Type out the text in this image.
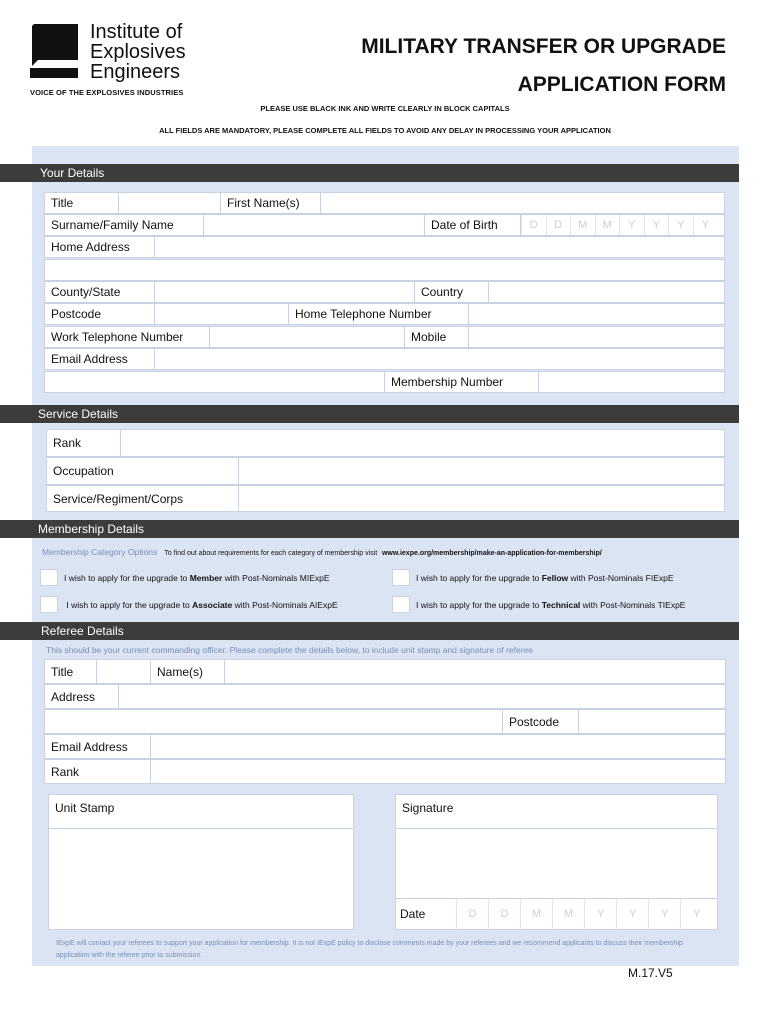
Institute of
Explosives
Engineers
VOICE OF THE EXPLOSIVES INDUSTRIES
MILITARY TRANSFER OR UPGRADE
APPLICATION FORM
PLEASE USE BLACK INK AND WRITE CLEARLY IN BLOCK CAPITALS
ALL FIELDS ARE MANDATORY, PLEASE COMPLETE ALL FIELDS TO AVOID ANY DELAY IN PROCESSING YOUR APPLICATION
Your Details
Title	First Name(s)
Surname/Family Name	Date of Birth	D	D	M	M	Y	Y	Y	Y
Home Address
County/State	Country
Postcode	Home Telephone Number
Work Telephone Number	Mobile
Email Address
Membership Number
Service Details
Rank
Occupation
Service/Regiment/Corps
Membership Details
Membership Category Options To find out about requirements for each category of membership visit www.iexpe.org/membership/make-an-application-for-membership/
I wish to apply for the upgrade to
Member
with Post-Nominals MIExpE	I wish to apply for the upgrade to
Fellow
with Post-Nominals FIExpE

I wish to apply for the upgrade to
Associate
with Post-Nominals AIExpE	I wish to apply for the upgrade to
Technical
with Post-Nominals TIExpE
Referee Details
This should be your current commanding officer. Please complete the details below, to include unit stamp and signature of referee
Title	Name(s)
Address
Postcode
Email Address
Rank
Unit Stamp	Signature
Date	D	D	M	M	Y	Y	Y	Y
IExpE will contact your referees to support your application for membership. It is not IExpE policy to disclose comments made by your referees and we recommend applicants to discuss their membership application with the referee prior to submission.
M.17.V5
